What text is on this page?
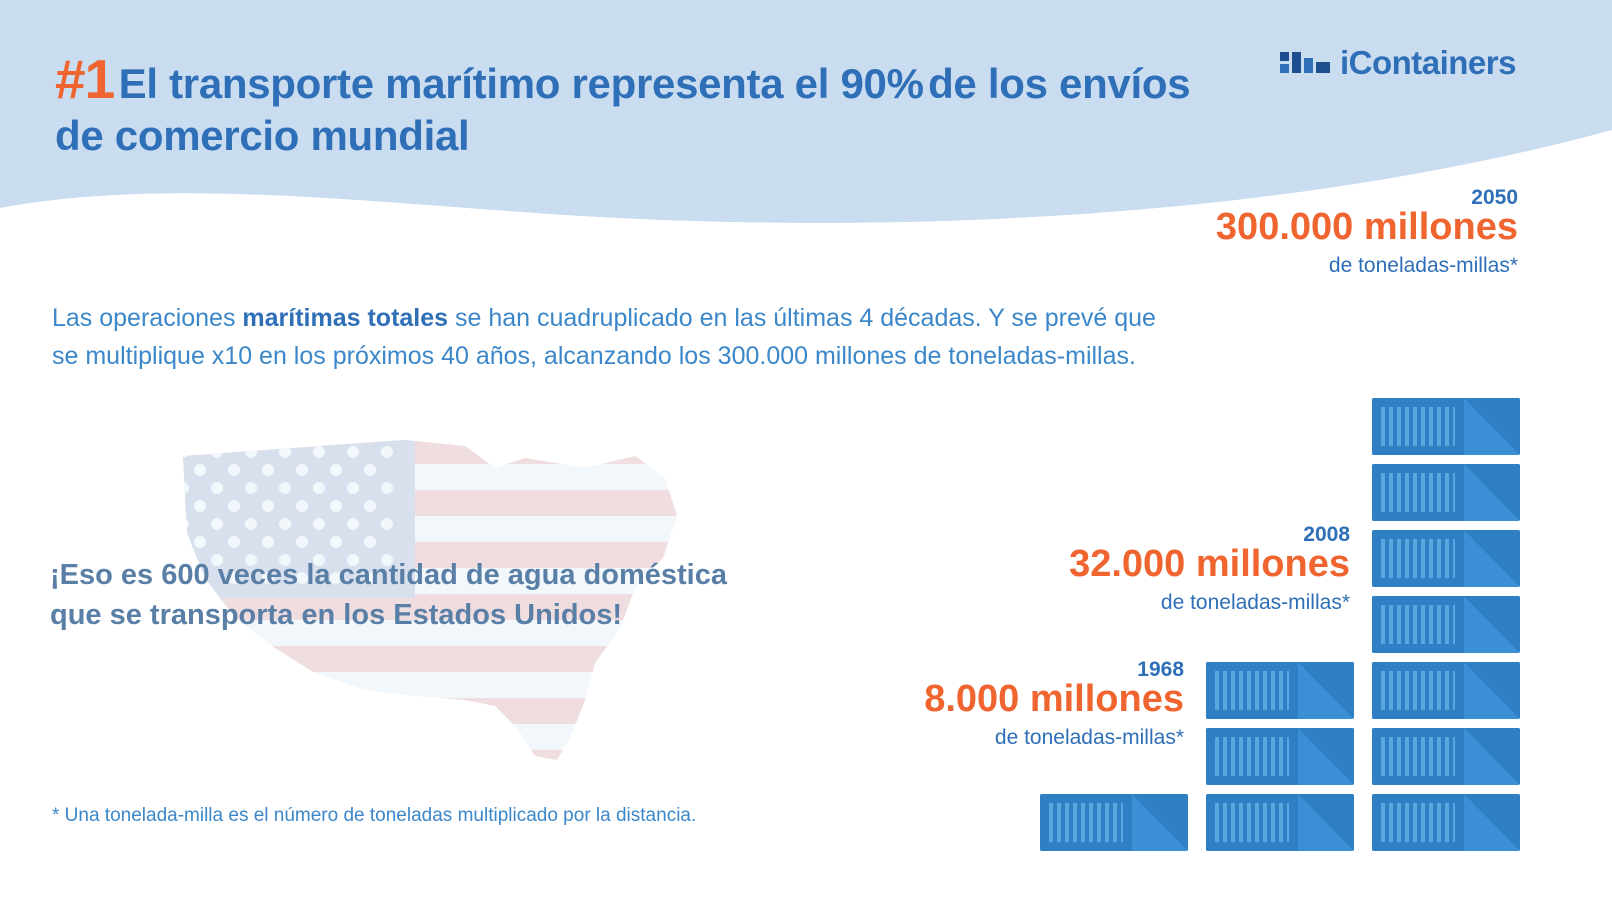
#1 El transporte marítimo representa el 90% de los envíos de comercio mundial
iContainers
Las operaciones marítimas totales se han cuadruplicado en las últimas 4 décadas. Y se prevé que se multiplique x10 en los próximos 40 años, alcanzando los 300.000 millones de toneladas-millas.
¡Eso es 600 veces la cantidad de agua doméstica
que se transporta en los Estados Unidos!
* Una tonelada-milla es el número de toneladas multiplicado por la distancia.
1968
8.000 millones
de toneladas-millas*
2008
32.000 millones
de toneladas-millas*
2050
300.000 millones
de toneladas-millas*
